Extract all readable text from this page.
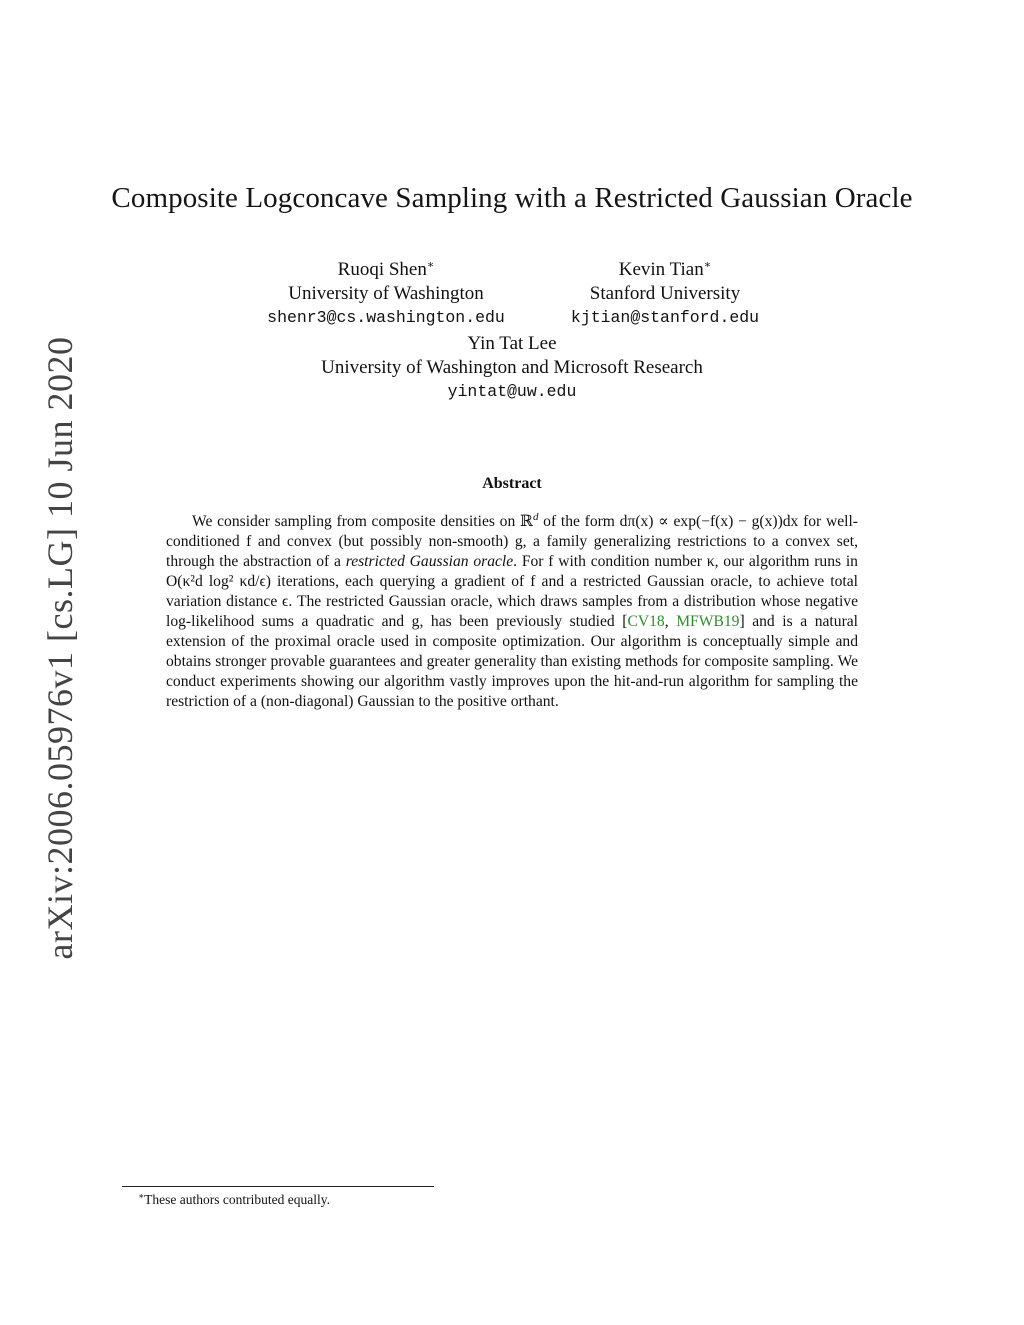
arXiv:2006.05976v1 [cs.LG] 10 Jun 2020
Composite Logconcave Sampling with a Restricted Gaussian Oracle
Ruoqi Shen∗
University of Washington
shenr3@cs.washington.edu
Kevin Tian∗
Stanford University
kjtian@stanford.edu
Yin Tat Lee
University of Washington and Microsoft Research
yintat@uw.edu
Abstract
We consider sampling from composite densities on ℝ$^d$ of the form dπ(x) ∝ exp(−f(x) − g(x))dx for well-conditioned f and convex (but possibly non-smooth) g, a family generalizing restrictions to a convex set, through the abstraction of a restricted Gaussian oracle. For f with condition number κ, our algorithm runs in O(κ²d log² κd/ϵ) iterations, each querying a gradient of f and a restricted Gaussian oracle, to achieve total variation distance ϵ. The restricted Gaussian oracle, which draws samples from a distribution whose negative log-likelihood sums a quadratic and g, has been previously studied [CV18, MFWB19] and is a natural extension of the proximal oracle used in composite optimization. Our algorithm is conceptually simple and obtains stronger provable guarantees and greater generality than existing methods for composite sampling. We conduct experiments showing our algorithm vastly improves upon the hit-and-run algorithm for sampling the restriction of a (non-diagonal) Gaussian to the positive orthant.
∗These authors contributed equally.
